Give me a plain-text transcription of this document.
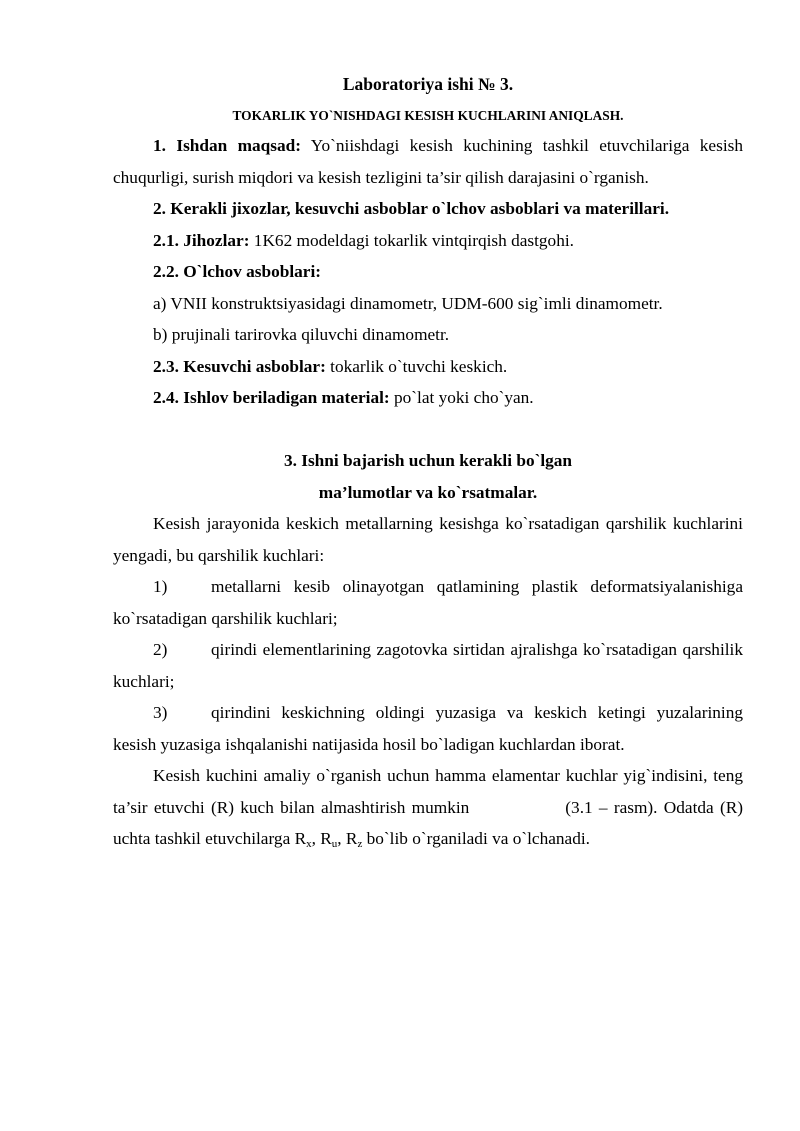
Laboratoriya ishi № 3.
TOKARLIK YO`NISHDAGI KESISH KUCHLARINI ANIQLASH.

1. Ishdan maqsad: Yo`niishdagi kesish kuchining tashkil etuvchilariga kesish chuqurligi, surish miqdori va kesish tezligini ta’sir qilish darajasini o`rganish.

2. Kerakli jixozlar, kesuvchi asboblar o`lchov asboblari va materillari.

2.1. Jihozlar: 1K62 modeldagi tokarlik vintqirqish dastgohi.

2.2. O`lchov asboblari:

a) VNII konstruktsiyasidagi dinamometr, UDM-600 sig`imli dinamometr.

b) prujinali tarirovka qiluvchi dinamometr.

2.3. Kesuvchi asboblar: tokarlik o`tuvchi keskich.

2.4. Ishlov beriladigan material: po`lat yoki cho`yan.

3. Ishni bajarish uchun kerakli bo`lgan

ma’lumotlar va ko`rsatmalar.

Kesish jarayonida keskich metallarning kesishga ko`rsatadigan qarshilik kuchlarini yengadi, bu qarshilik kuchlari:

1)	metallarni kesib olinayotgan qatlamining plastik deformatsiyalanishiga ko`rsatadigan qarshilik kuchlari;

2)	qirindi elementlarining zagotovka sirtidan ajralishga ko`rsatadigan qarshilik kuchlari;

3)	qirindini keskichning oldingi yuzasiga va keskich ketingi yuzalarining kesish yuzasiga ishqalanishi natijasida hosil bo`ladigan kuchlardan iborat.

Kesish kuchini amaliy o`rganish uchun hamma elamentar kuchlar yig`indisini, teng ta’sir etuvchi (R) kuch bilan almashtirish mumkin	(3.1 – rasm). Odatda (R) uchta tashkil etuvchilarga $R_x$, $R_u$, $R_z$ bo`lib o`rganiladi va o`lchanadi.
